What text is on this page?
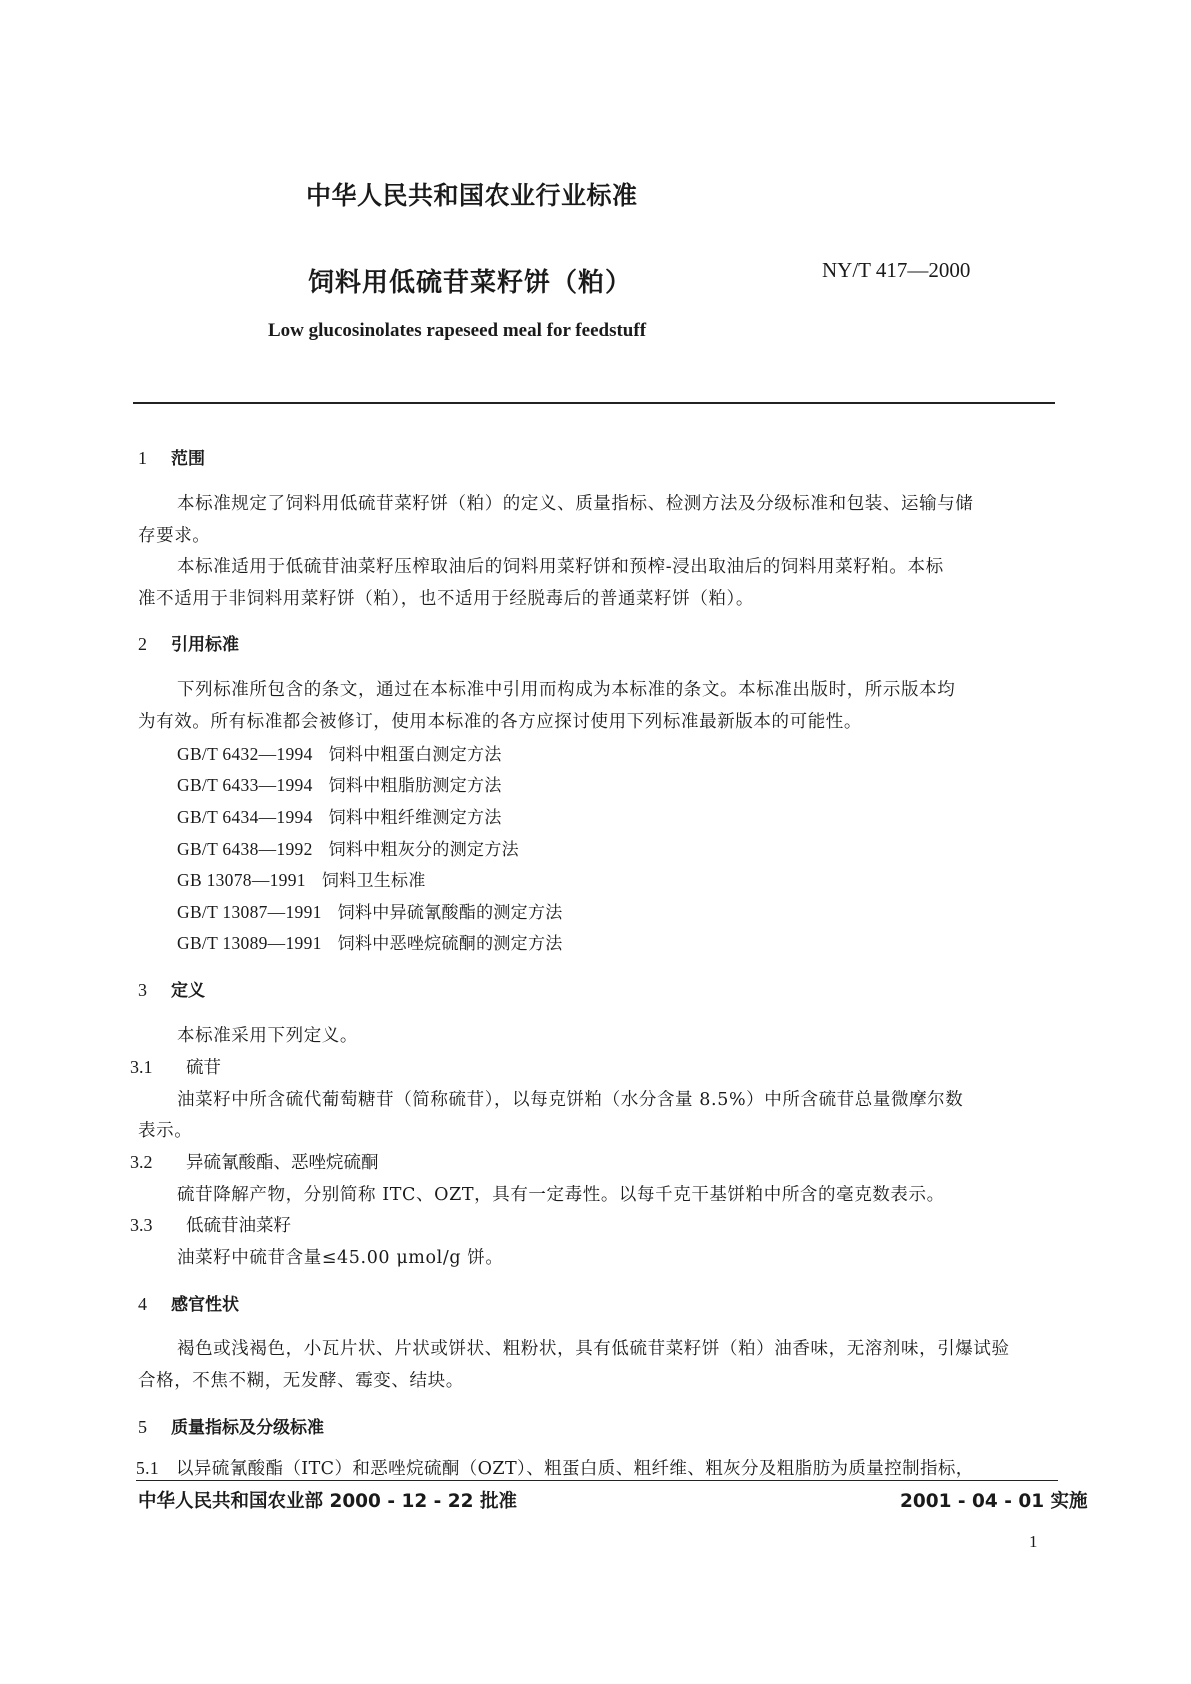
中华人民共和国农业行业标准
饲料用低硫苷菜籽饼（粕）	NY/T 417—2000
Low glucosinolates rapeseed meal for feedstuff
1 范围
本标准规定了饲料用低硫苷菜籽饼（粕）的定义、质量指标、检测方法及分级标准和包装、运输与储
存要求。
本标准适用于低硫苷油菜籽压榨取油后的饲料用菜籽饼和预榨-浸出取油后的饲料用菜籽粕。本标
准不适用于非饲料用菜籽饼（粕），也不适用于经脱毒后的普通菜籽饼（粕）。
2 引用标准
下列标准所包含的条文，通过在本标准中引用而构成为本标准的条文。本标准出版时，所示版本均
为有效。所有标准都会被修订，使用本标准的各方应探讨使用下列标准最新版本的可能性。
GB/T 6432—1994 饲料中粗蛋白测定方法
GB/T 6433—1994 饲料中粗脂肪测定方法
GB/T 6434—1994 饲料中粗纤维测定方法
GB/T 6438—1992 饲料中粗灰分的测定方法
GB 13078—1991 饲料卫生标准
GB/T 13087—1991 饲料中异硫氰酸酯的测定方法
GB/T 13089—1991 饲料中恶唑烷硫酮的测定方法
3 定义
本标准采用下列定义。
3.1 硫苷
油菜籽中所含硫代葡萄糖苷（简称硫苷），以每克饼粕（水分含量 8.5%）中所含硫苷总量微摩尔数
表示。
3.2 异硫氰酸酯、恶唑烷硫酮
硫苷降解产物，分别简称 ITC、OZT，具有一定毒性。以每千克干基饼粕中所含的毫克数表示。
3.3 低硫苷油菜籽
油菜籽中硫苷含量≤45.00 μmol/g 饼。
4 感官性状
褐色或浅褐色，小瓦片状、片状或饼状、粗粉状，具有低硫苷菜籽饼（粕）油香味，无溶剂味，引爆试验
合格，不焦不糊，无发酵、霉变、结块。
5 质量指标及分级标准
5.1 以异硫氰酸酯（ITC）和恶唑烷硫酮（OZT）、粗蛋白质、粗纤维、粗灰分及粗脂肪为质量控制指标，
中华人民共和国农业部 2000 - 12 - 22 批准	2001 - 04 - 01 实施
1
